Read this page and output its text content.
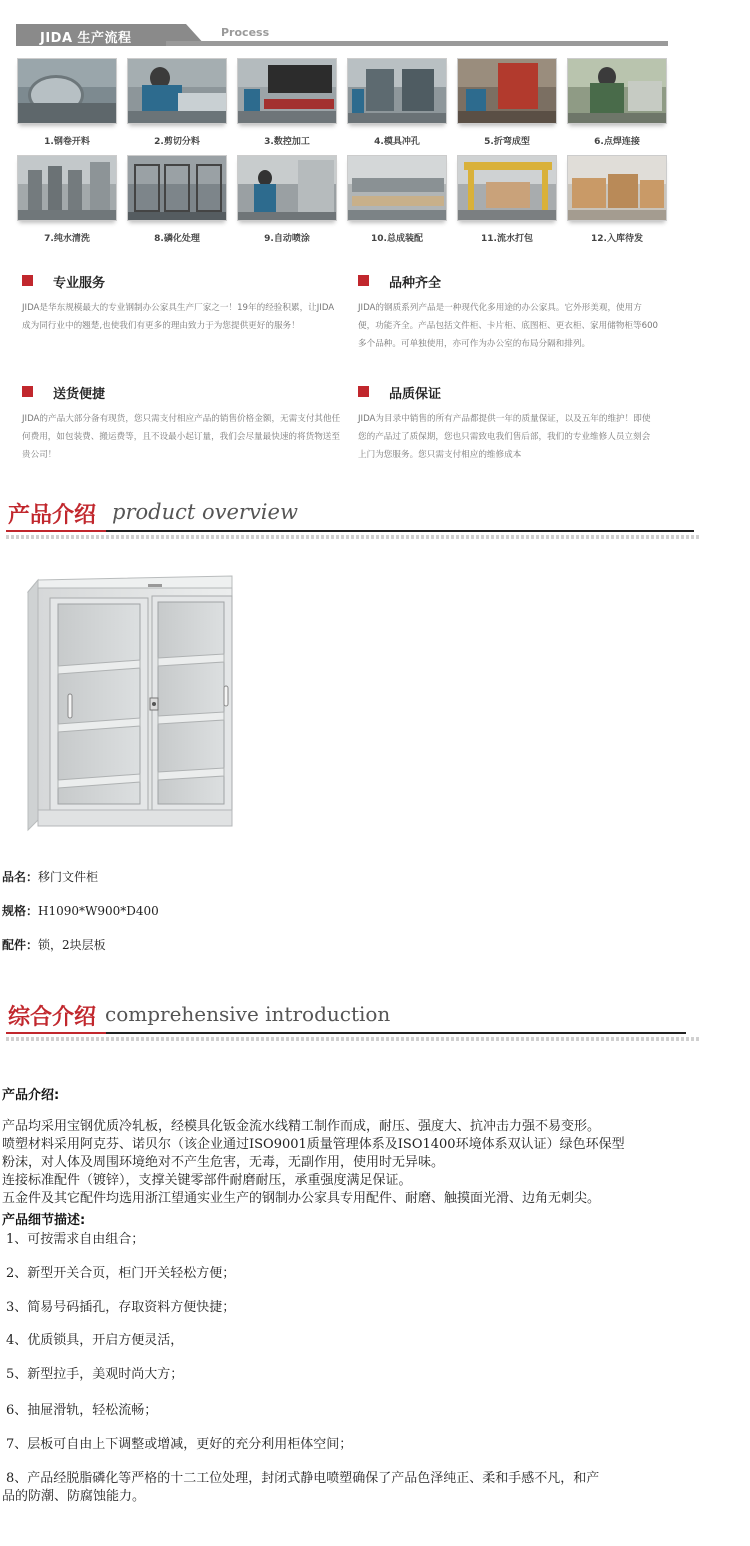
JIDA 生产流程	Process
1.钢卷开料	2.剪切分料	3.数控加工	4.模具冲孔	5.折弯成型	6.点焊连接
7.纯水清洗	8.磷化处理	9.自动喷涂	10.总成装配	11.流水打包	12.入库待发
专业服务

JIDA是华东规模最大的专业钢制办公家具生产厂家之一！19年的经验积累，让JIDA成为同行业中的翘楚,也使我们有更多的理由致力于为您提供更好的服务！

品种齐全

JIDA的钢质系列产品是一种现代化多用途的办公家具。它外形美观，使用方便，功能齐全。产品包括文件柜、卡片柜、底图柜、更衣柜、家用储物柜等600多个品种。可单独使用，亦可作为办公室的布局分隔和排列。

送货便捷

JIDA的产品大部分备有现货，您只需支付相应产品的销售价格金额，无需支付其他任何费用，如包装费、搬运费等，且不设最小起订量，我们会尽量最快速的将货物送至贵公司！

品质保证

JIDA为目录中销售的所有产品都提供一年的质量保证，以及五年的维护！即使您的产品过了质保期，您也只需致电我们售后部，我们的专业维修人员立刻会上门为您服务。您只需支付相应的维修成本

产品介绍 product overview
品名：移门文件柜
规格：H1090*W900*D400
配件：锁，2块层板
综合介绍 comprehensive introduction
产品介绍:
产品均采用宝钢优质冷轧板，经模具化钣金流水线精工制作而成，耐压、强度大、抗冲击力强不易变形。
喷塑材料采用阿克芬、诺贝尔（该企业通过ISO9001质量管理体系及ISO1400环境体系双认证）绿色环保型
粉沫，对人体及周围环境绝对不产生危害，无毒，无副作用，使用时无异味。
连接标准配件（镀锌），支撑关键零部件耐磨耐压，承重强度满足保证。
五金件及其它配件均选用浙江望通实业生产的钢制办公家具专用配件、耐磨、触摸面光滑、边角无刺尖。
产品细节描述:
1、可按需求自由组合；
2、新型开关合页，柜门开关轻松方便；
3、简易号码插孔，存取资料方便快捷；
4、优质锁具，开启方便灵活，
5、新型拉手，美观时尚大方；
6、抽屉滑轨，轻松流畅；
7、层板可自由上下调整或增减，更好的充分利用柜体空间；
8、产品经脱脂磷化等严格的十二工位处理，封闭式静电喷塑确保了产品色泽纯正、柔和手感不凡，和产
品的防潮、防腐蚀能力。
